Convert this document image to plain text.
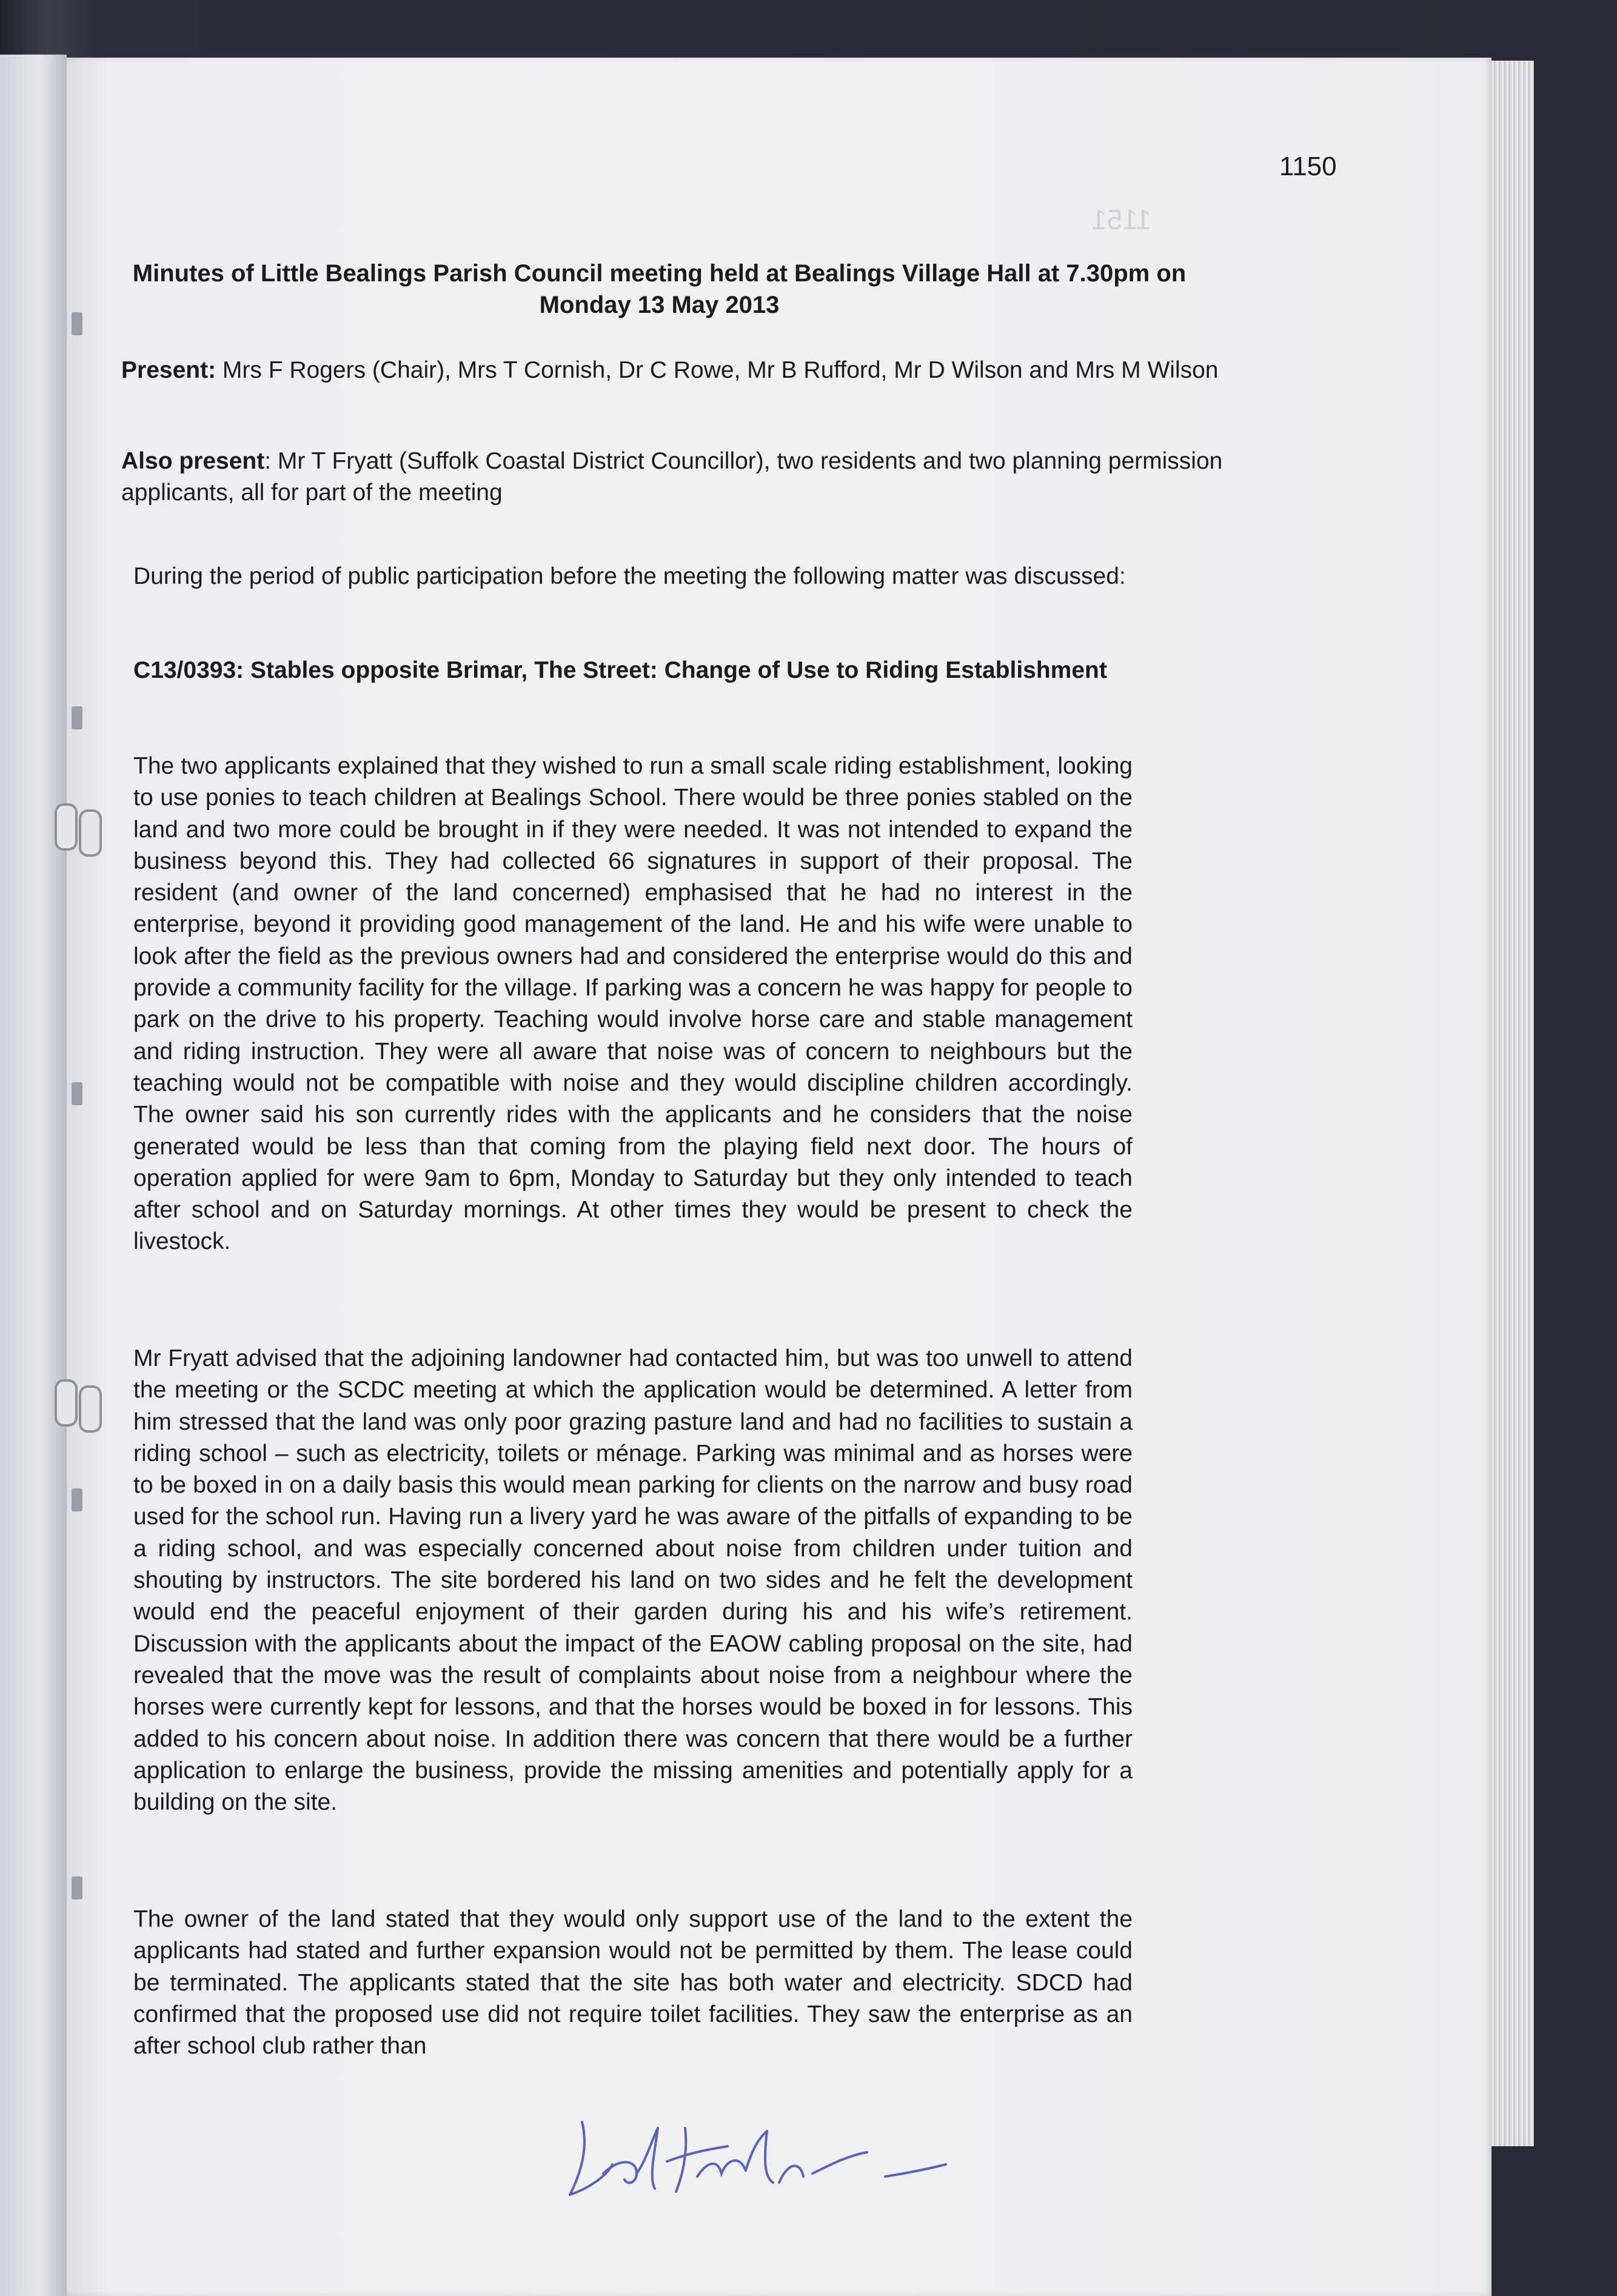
1151
1150
Minutes of Little Bealings Parish Council meeting held at Bealings Village Hall at 7.30pm on Monday 13 May 2013
Present: Mrs F Rogers (Chair), Mrs T Cornish, Dr C Rowe, Mr B Rufford, Mr D Wilson and Mrs M Wilson
Also present: Mr T Fryatt (Suffolk Coastal District Councillor), two residents and two planning permission applicants, all for part of the meeting
During the period of public participation before the meeting the following matter was discussed:
C13/0393: Stables opposite Brimar, The Street: Change of Use to Riding Establishment
The two applicants explained that they wished to run a small scale riding establishment, looking to use ponies to teach children at Bealings School. There would be three ponies stabled on the land and two more could be brought in if they were needed. It was not intended to expand the business beyond this. They had collected 66 signatures in support of their proposal. The resident (and owner of the land concerned) emphasised that he had no interest in the enterprise, beyond it providing good management of the land. He and his wife were unable to look after the field as the previous owners had and considered the enterprise would do this and provide a community facility for the village. If parking was a concern he was happy for people to park on the drive to his property. Teaching would involve horse care and stable management and riding instruction. They were all aware that noise was of concern to neighbours but the teaching would not be compatible with noise and they would discipline children accordingly. The owner said his son currently rides with the applicants and he considers that the noise generated would be less than that coming from the playing field next door. The hours of operation applied for were 9am to 6pm, Monday to Saturday but they only intended to teach after school and on Saturday mornings. At other times they would be present to check the livestock.
Mr Fryatt advised that the adjoining landowner had contacted him, but was too unwell to attend the meeting or the SCDC meeting at which the application would be determined. A letter from him stressed that the land was only poor grazing pasture land and had no facilities to sustain a riding school – such as electricity, toilets or ménage. Parking was minimal and as horses were to be boxed in on a daily basis this would mean parking for clients on the narrow and busy road used for the school run. Having run a livery yard he was aware of the pitfalls of expanding to be a riding school, and was especially concerned about noise from children under tuition and shouting by instructors. The site bordered his land on two sides and he felt the development would end the peaceful enjoyment of their garden during his and his wife’s retirement. Discussion with the applicants about the impact of the EAOW cabling proposal on the site, had revealed that the move was the result of complaints about noise from a neighbour where the horses were currently kept for lessons, and that the horses would be boxed in for lessons. This added to his concern about noise. In addition there was concern that there would be a further application to enlarge the business, provide the missing amenities and potentially apply for a building on the site.
The owner of the land stated that they would only support use of the land to the extent the applicants had stated and further expansion would not be permitted by them. The lease could be terminated. The applicants stated that the site has both water and electricity. SDCD had confirmed that the proposed use did not require toilet facilities. They saw the enterprise as an after school club rather than
